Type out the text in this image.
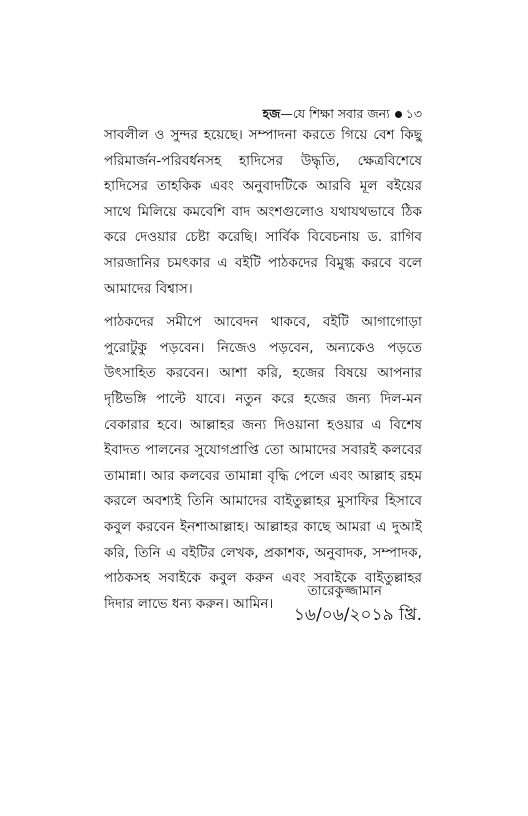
হজ—যে শিক্ষা সবার জন্য ১৩

সাবলীল ও সুন্দর হয়েছে। সম্পাদনা করতে গিয়ে বেশ কিছু পরিমার্জন-পরিবর্ধনসহ হাদিসের উদ্ধৃতি, ক্ষেত্রবিশেষে হাদিসের তাহকিক এবং অনুবাদটিকে আরবি মূল বইয়ের সাথে মিলিয়ে কমবেশি বাদ অংশগুলোও যথাযথভাবে ঠিক করে দেওয়ার চেষ্টা করেছি। সার্বিক বিবেচনায় ড. রাগিব সারজানির চমৎকার এ বইটি পাঠকদের বিমুগ্ধ করবে বলে আমাদের বিশ্বাস।

পাঠকদের সমীপে আবেদন থাকবে, বইটি আগাগোড়া পুরোটুকু পড়বেন। নিজেও পড়বেন, অন্যকেও পড়তে উৎসাহিত করবেন। আশা করি, হজের বিষয়ে আপনার দৃষ্টিভঙ্গি পাল্টে যাবে। নতুন করে হজের জন্য দিল-মন বেকারার হবে। আল্লাহর জন্য দিওয়ানা হওয়ার এ বিশেষ ইবাদত পালনের সুযোগপ্রাপ্তি তো আমাদের সবারই কলবের তামান্না। আর কলবের তামান্না বৃদ্ধি পেলে এবং আল্লাহ রহম করলে অবশ্যই তিনি আমাদের বাইতুল্লাহর মুসাফির হিসাবে কবুল করবেন ইনশাআল্লাহ। আল্লাহর কাছে আমরা এ দুআই করি, তিনি এ বইটির লেখক, প্রকাশক, অনুবাদক, সম্পাদক, পাঠকসহ সবাইকে কবুল করুন এবং সবাইকে বাইতুল্লাহর দিদার লাভে ধন্য করুন। আমিন।

তারেকুজ্জামান
১৬/০৬/২০১৯ খ্রি.
